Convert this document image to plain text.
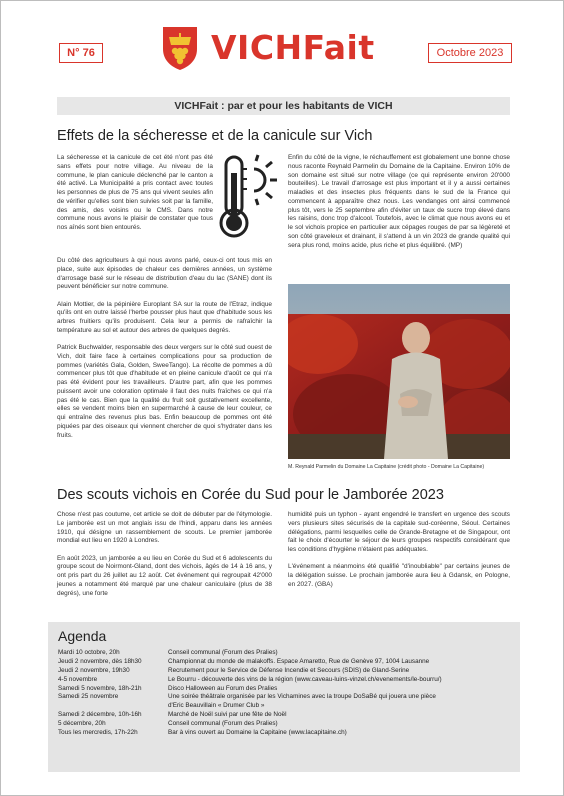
N° 76	VICHFait	Octobre 2023
VICHFait : par et pour les habitants de VICH
Effets de la sécheresse et de la canicule sur Vich

La sécheresse et la canicule de cet été n'ont pas été sans effets pour notre village. Au niveau de la commune, le plan canicule déclenché par le canton a été activé. La Municipalité a pris contact avec toutes les personnes de plus de 75 ans qui vivent seules afin de vérifier qu'elles sont bien suivies soit par la famille, des amis, des voisins ou le CMS. Dans notre commune nous avons le plaisir de constater que tous nos aînés sont bien entourés.

Du côté des agriculteurs à qui nous avons parlé, ceux-ci ont tous mis en place, suite aux épisodes de chaleur ces dernières années, un système d'arrosage basé sur le réseau de distribution d'eau du lac (SANE) dont ils peuvent bénéficier sur notre commune.

Alain Mottier, de la pépinière Europlant SA sur la route de l'Etraz, indique qu'ils ont en outre laissé l'herbe pousser plus haut que d'habitude sous les arbres fruitiers qu'ils produisent. Cela leur a permis de rafraîchir la température au sol et autour des arbres de quelques degrés.

Patrick Buchwalder, responsable des deux vergers sur le côté sud ouest de Vich, doit faire face à certaines complications pour sa production de pommes (variétés Gala, Golden, SweeTango). La récolte de pommes a dû commencer plus tôt que d'habitude et en pleine canicule d'août ce qui n'a pas été évident pour les travailleurs. D'autre part, afin que les pommes puissent avoir une coloration optimale il faut des nuits fraîches ce qui n'a pas été le cas. Bien que la qualité du fruit soit gustativement excellente, elles se vendent moins bien en supermarché à cause de leur couleur, ce qui entraîne des revenus plus bas. Enfin beaucoup de pommes ont été piquées par des oiseaux qui viennent chercher de quoi s'hydrater dans les fruits.

Enfin du côté de la vigne, le réchauffement est globalement une bonne chose nous raconte Reynald Parmelin du Domaine de la Capitaine. Environ 10% de son domaine est situé sur notre village (ce qui représente environ 20'000 bouteilles). Le travail d'arrosage est plus important et il y a aussi certaines maladies et des insectes plus fréquents dans le sud de la France qui commencent à apparaître chez nous. Les vendanges ont ainsi commencé plus tôt, vers le 25 septembre afin d'éviter un taux de sucre trop élevé dans les raisins, donc trop d'alcool. Toutefois, avec le climat que nous avons eu et le sol vichois propice en particulier aux cépages rouges de par sa légèreté et son côté graveleux et drainant, il s'attend à un vin 2023 de grande qualité qui sera plus rond, moins acide, plus riche et plus équilibré. (MP)

M. Reynald Parmelin du Domaine La Capitaine (crédit photo - Domaine La Capitaine)
Des scouts vichois en Corée du Sud pour le Jamborée 2023

Chose n'est pas coutume, cet article se doit de débuter par de l'étymologie. Le jamborée est un mot anglais issu de l'hindi, apparu dans les années 1910, qui désigne un rassemblement de scouts. Le premier jamborée mondial eut lieu en 1920 à Londres.

En août 2023, un jamborée a eu lieu en Corée du Sud et 6 adolescents du groupe scout de Noirmont-Gland, dont des vichois, âgés de 14 à 16 ans, y ont pris part du 26 juillet au 12 août. Cet événement qui regroupait 42'000 jeunes a notamment été marqué par une chaleur caniculaire (plus de 38 degrés), une forte

humidité puis un typhon - ayant engendré le transfert en urgence des scouts vers plusieurs sites sécurisés de la capitale sud-coréenne, Séoul. Certaines délégations, parmi lesquelles celle de Grande-Bretagne et de Singapour, ont fait le choix d'écourter le séjour de leurs groupes respectifs considérant que les conditions d'hygiène n'étaient pas adéquates.

L'événement a néanmoins été qualifié "d'inoubliable" par certains jeunes de la délégation suisse. Le prochain jamborée aura lieu à Gdansk, en Pologne, en 2027. (GBA)

Agenda
Mardi 10 octobre, 20h	Conseil communal (Forum des Pralies)
Jeudi 2 novembre, dès 18h30	Championnat du monde de malakoffs. Espace Amaretto, Rue de Genève 97, 1004 Lausanne
Jeudi 2 novembre, 19h30	Recrutement pour le Service de Défense Incendie et Secours (SDIS) de Gland-Serine
4-5 novembre	Le Bourru - découverte des vins de la région (www.caveau-luins-vinzel.ch/evenements/le-bourru/)
Samedi 5 novembre, 18h-21h	Disco Halloween au Forum des Pralies
Samedi 25 novembre	Une soirée théâtrale organisée par les Vichamines avec la troupe DoSaBé qui jouera une pièce
d'Eric Beauvillain « Drumer Club »
Samedi 2 décembre, 10h-16h	Marché de Noël suivi par une fête de Noël
5 décembre, 20h	Conseil communal (Forum des Pralies)
Tous les mercredis, 17h-22h	Bar à vins ouvert au Domaine la Capitaine (www.lacapitaine.ch)
